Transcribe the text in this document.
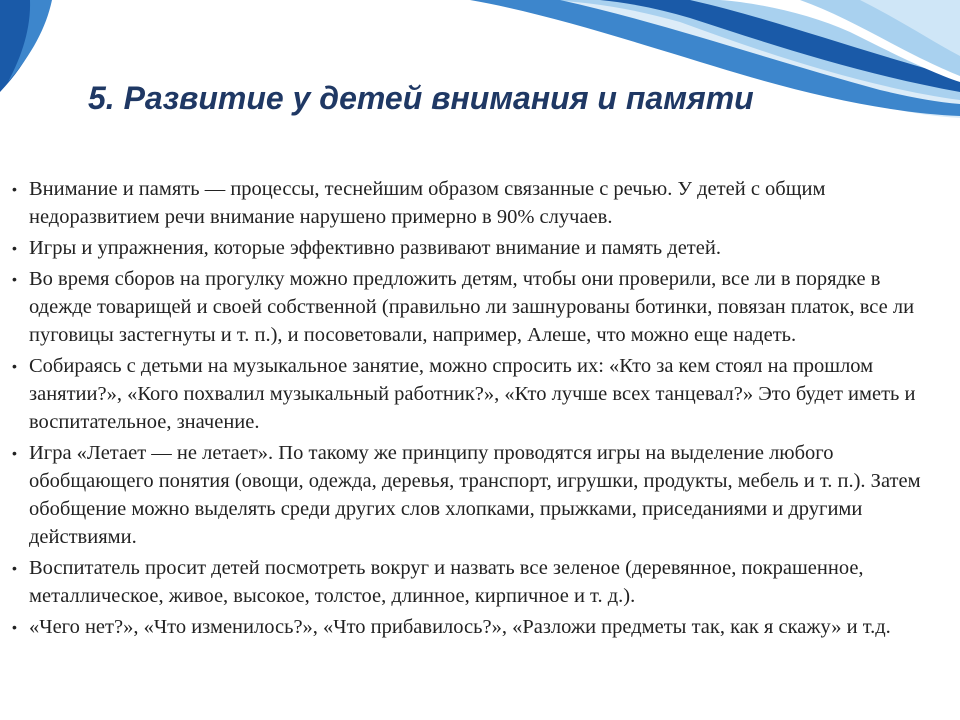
5. Развитие у детей внимания и памяти
• Внимание и память — процессы, теснейшим образом связанные с речью. У детей с общим недоразвитием речи внимание нарушено примерно в 90% случаев.
• Игры и упражнения, которые эффективно развивают внимание и память детей.
• Во время сборов на прогулку можно предложить детям, чтобы они проверили, все ли в порядке в одежде товарищей и своей собственной (правильно ли зашнурованы ботинки, повязан платок, все ли пуговицы застегнуты и т. п.), и посоветовали, например, Алеше, что можно еще надеть.
• Собираясь с детьми на музыкальное занятие, можно спросить их: «Кто за кем стоял на прошлом занятии?», «Кого похвалил музыкальный работник?», «Кто лучше всех танцевал?» Это будет иметь и воспитательное, значение.
• Игра «Летает — не летает». По такому же принципу проводятся игры на выделение любого обобщающего понятия (овощи, одежда, деревья, транспорт, игрушки, продукты, мебель и т. п.). Затем обобщение можно выделять среди других слов хлопками, прыжками, приседаниями и другими действиями.
• Воспитатель просит детей посмотреть вокруг и назвать все зеленое (деревянное, покрашенное, металлическое, живое, высокое, толстое, длинное, кирпичное и т. д.).
• «Чего нет?», «Что изменилось?», «Что прибавилось?», «Разложи предметы так, как я скажу» и т.д.
